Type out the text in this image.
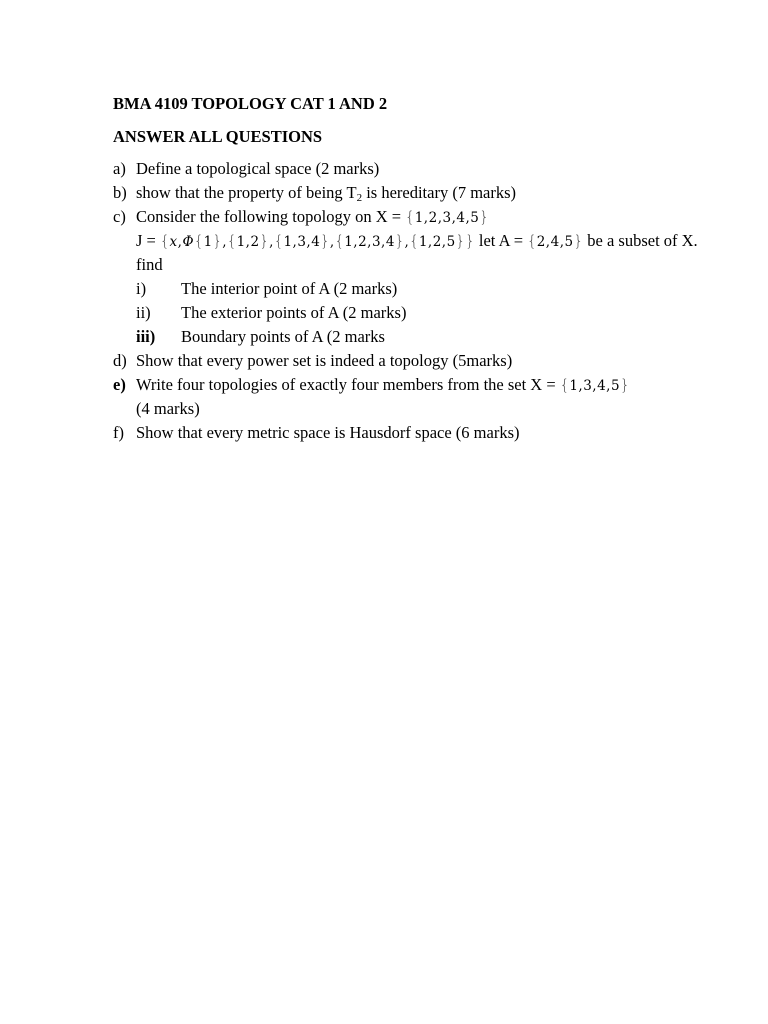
BMA 4109 TOPOLOGY CAT 1 AND 2
ANSWER ALL QUESTIONS
a) Define a topological space (2 marks)
b) show that the property of being $T_2$ is hereditary (7 marks)
c) Consider the following topology on X = {1,2,3,4,5}
J = {x,Φ{1},{1,2},{1,3,4},{1,2,3,4},{1,2,5}} let A = {2,4,5} be a subset of X.
find
i) The interior point of A (2 marks)
ii) The exterior points of A (2 marks)
iii) Boundary points of A (2 marks
d) Show that every power set is indeed a topology (5marks)
e) Write four topologies of exactly four members from the set X = {1,3,4,5}
(4 marks)
f) Show that every metric space is Hausdorf space (6 marks)
